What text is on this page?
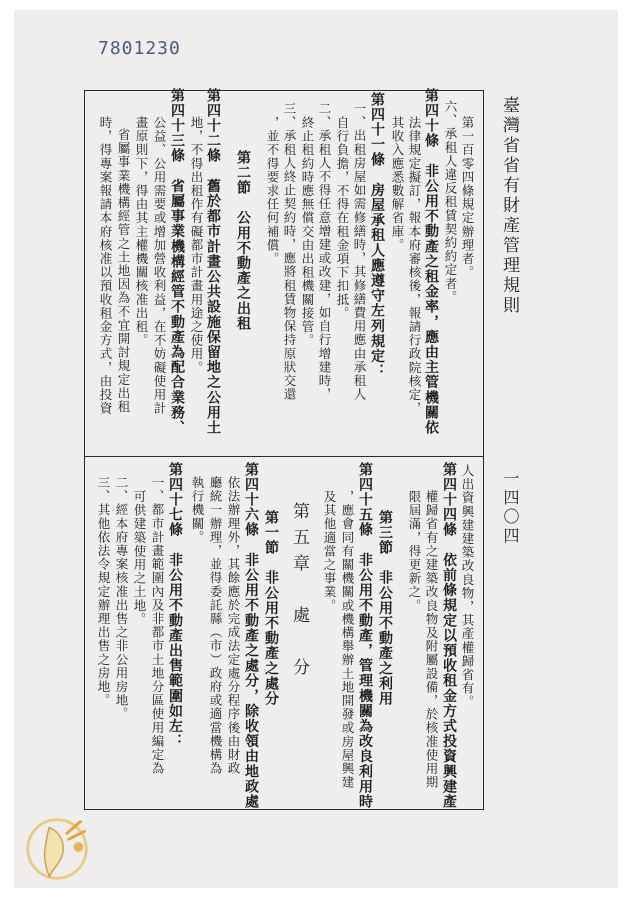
7801230
第一百零四條規定辦理者。
六、承租人違反租賃契約約定者。
第四十條　非公用不動產之租金率，應由主管機關依
法律規定擬訂，報本府審核後，報請行政院核定，
其收入應悉數解省庫。
第四十一條　房屋承租人應遵守左列規定：
一、出租房屋如需修繕時，其修繕費用應由承租人
自行負擔，不得在租金項下扣抵。
二、承租人不得任意增建或改建，如自行增建時，
終止租約時應無償交由出租機關接管。
三、承租人終止契約時，應將租賃物保持原狀交還
，並不得要求任何補償。
第二節　公用不動產之出租
第四十二條　舊於都市計畫公共設施保留地之公用土
地，不得出租作有礙都市計畫用途之使用。
第四十三條　省屬事業機構經管不動產為配合業務、
公益、公用需要或增加營收利益，在不妨礙使用計
畫原則下，得由其主權機關核准出租。
省屬事業機構經管之土地因為不宜開討規定出租
時，得專案報請本府核准以預收租金方式，由投資
人出資興建建築改良物，其產權歸省有。
第四十四條　依前條規定以預收租金方式投資興建產
權歸省有之建築改良物及附屬設備，於核准使用期
限屆滿，得更新之。
第三節　非公用不動產之利用
第四十五條　非公用不動產，管理機關為改良利用時
，應會同有關機關或機構舉辦土地開發或房屋興建
及其他適當之事業。
第五章　處　分
第一節　非公用不動產之處分
第四十六條　非公用不動產之處分，除收領由地政處
依法辦理外，其餘應於完成法定處分程序後由財政
廳統一辦理，並得委託縣（市）政府或適當機構為
執行機關。
第四十七條　非公用不動產出售範圍如左：
一、都市計畫範圍內及非都市土地分區使用編定為
可供建築使用之土地。
二、經本府專案核准出售之非公用房地。
三、其他依法令規定辦理出售之房地。
臺灣省省有財產管理規則
一四〇四
